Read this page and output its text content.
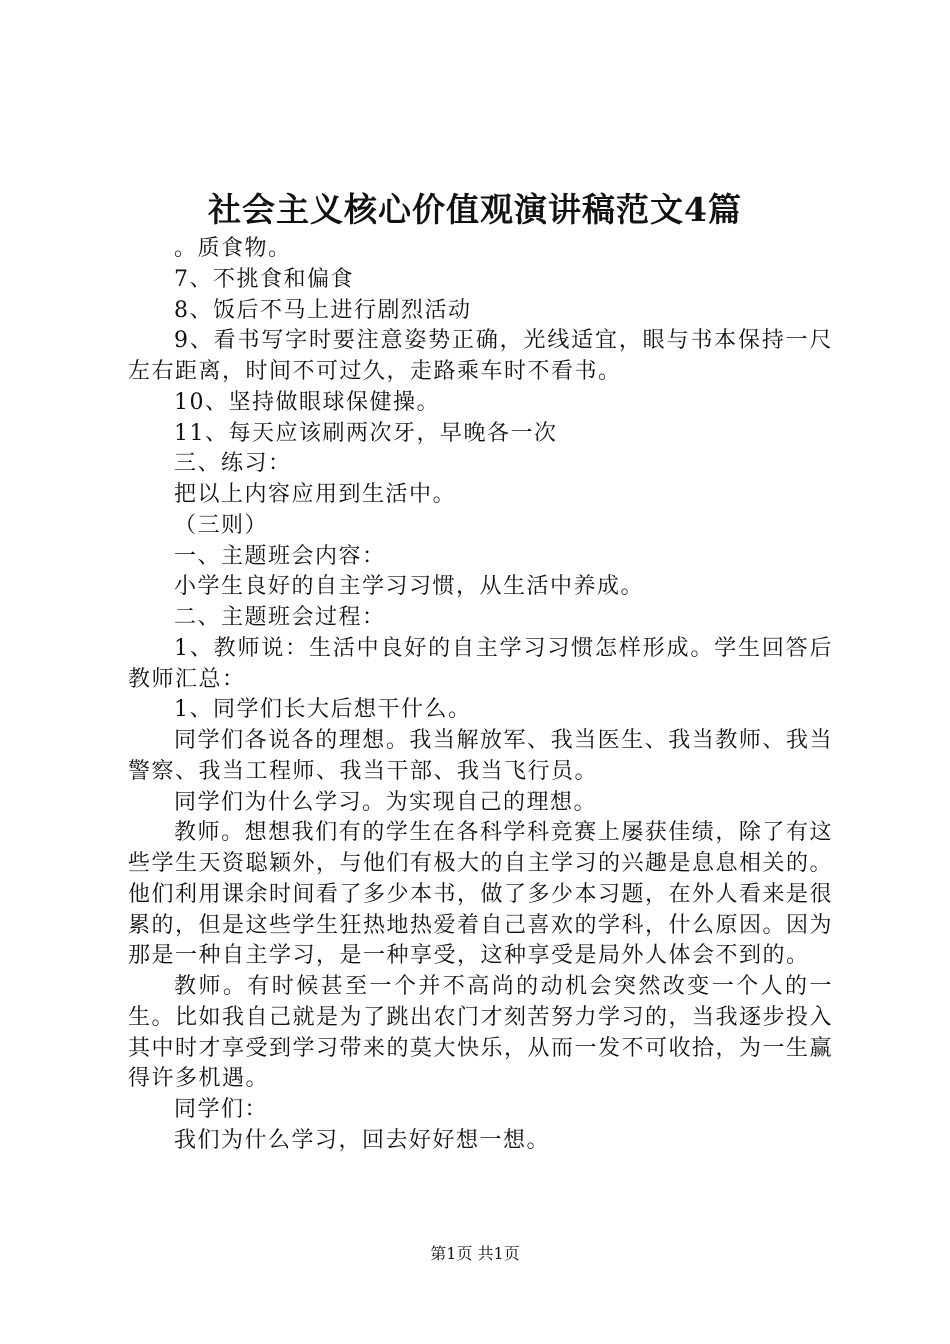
社会主义核心价值观演讲稿范文4篇

。质食物。

7、不挑食和偏食

8、饭后不马上进行剧烈活动

9、看书写字时要注意姿势正确，光线适宜，眼与书本保持一尺左右距离，时间不可过久，走路乘车时不看书。

10、坚持做眼球保健操。

11、每天应该刷两次牙，早晚各一次

三、练习：

把以上内容应用到生活中。

（三则）

一、主题班会内容：

小学生良好的自主学习习惯，从生活中养成。

二、主题班会过程：

1、教师说：生活中良好的自主学习习惯怎样形成。学生回答后教师汇总：

1、同学们长大后想干什么。

同学们各说各的理想。我当解放军、我当医生、我当教师、我当警察、我当工程师、我当干部、我当飞行员。

同学们为什么学习。为实现自己的理想。

教师。想想我们有的学生在各科学科竞赛上屡获佳绩，除了有这些学生天资聪颖外，与他们有极大的自主学习的兴趣是息息相关的。他们利用课余时间看了多少本书，做了多少本习题，在外人看来是很累的，但是这些学生狂热地热爱着自己喜欢的学科，什么原因。因为那是一种自主学习，是一种享受，这种享受是局外人体会不到的。

教师。有时候甚至一个并不高尚的动机会突然改变一个人的一生。比如我自己就是为了跳出农门才刻苦努力学习的，当我逐步投入其中时才享受到学习带来的莫大快乐，从而一发不可收拾，为一生赢得许多机遇。

同学们：

我们为什么学习，回去好好想一想。

第1页 共1页
